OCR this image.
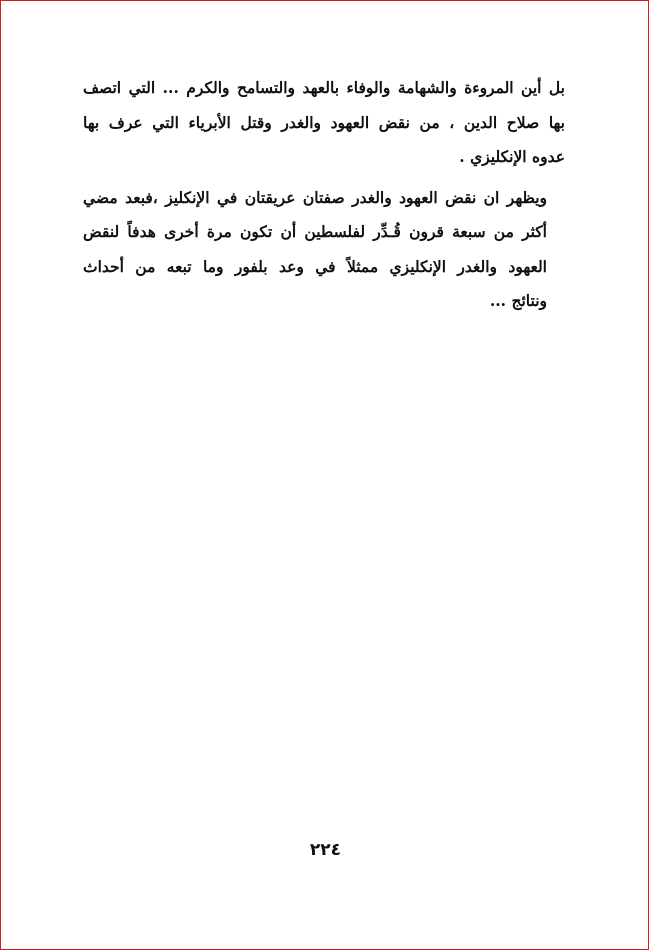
بل أين المروءة والشهامة والوفاء بالعهد والتسامح والكرم ... التي اتصف
بها صلاح الدين ، من نقض العهود والغدر وقتل الأبرياء التي عرف بها
عدوه الإنكليزي .

ويظهر ان نقض العهود والغدر صفتان عريقتان في الإنكليز ،فبعد مضي
أكثر من سبعة قرون قُـدِّر لفلسطين أن تكون مرة أخرى هدفاً لنقض
العهود والغدر الإنكليزي ممثلاً في وعد بلفور وما تبعه من أحداث
ونتائج ...

٢٢٤
